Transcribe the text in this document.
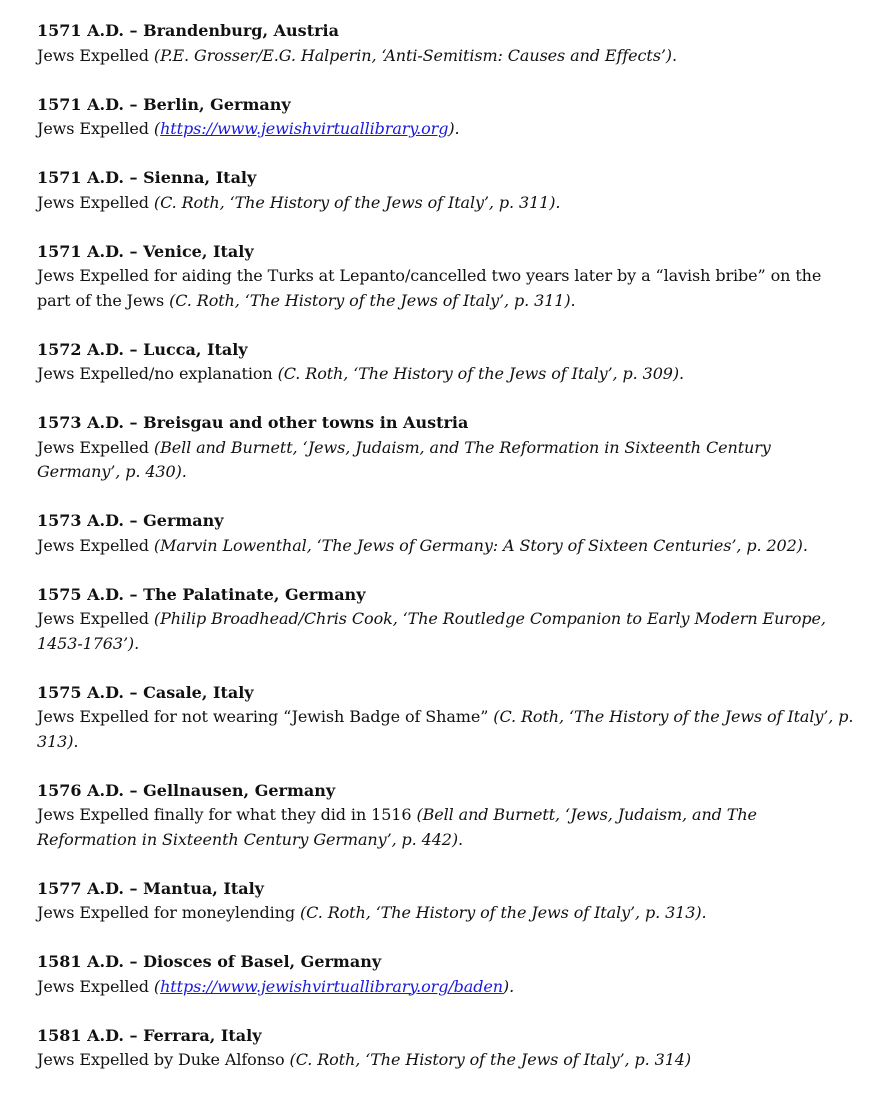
1571 A.D. – Brandenburg, Austria
Jews Expelled (P.E. Grosser/E.G. Halperin, ‘Anti-Semitism: Causes and Effects’).
1571 A.D. – Berlin, Germany
Jews Expelled (https://www.jewishvirtuallibrary.org).
1571 A.D. – Sienna, Italy
Jews Expelled (C. Roth, ‘The History of the Jews of Italy’, p. 311).
1571 A.D. – Venice, Italy
Jews Expelled for aiding the Turks at Lepanto/cancelled two years later by a “lavish bribe” on the part of the Jews (C. Roth, ‘The History of the Jews of Italy’, p. 311).
1572 A.D. – Lucca, Italy
Jews Expelled/no explanation (C. Roth, ‘The History of the Jews of Italy’, p. 309).
1573 A.D. – Breisgau and other towns in Austria
Jews Expelled (Bell and Burnett, ‘Jews, Judaism, and The Reformation in Sixteenth Century Germany’, p. 430).
1573 A.D. – Germany
Jews Expelled (Marvin Lowenthal, ‘The Jews of Germany: A Story of Sixteen Centuries’, p. 202).
1575 A.D. – The Palatinate, Germany
Jews Expelled (Philip Broadhead/Chris Cook, ‘The Routledge Companion to Early Modern Europe, 1453-1763’).
1575 A.D. – Casale, Italy
Jews Expelled for not wearing “Jewish Badge of Shame” (C. Roth, ‘The History of the Jews of Italy’, p. 313).
1576 A.D. – Gellnausen, Germany
Jews Expelled finally for what they did in 1516 (Bell and Burnett, ‘Jews, Judaism, and The Reformation in Sixteenth Century Germany’, p. 442).
1577 A.D. – Mantua, Italy
Jews Expelled for moneylending (C. Roth, ‘The History of the Jews of Italy’, p. 313).
1581 A.D. – Diosces of Basel, Germany
Jews Expelled (https://www.jewishvirtuallibrary.org/baden).
1581 A.D. – Ferrara, Italy
Jews Expelled by Duke Alfonso (C. Roth, ‘The History of the Jews of Italy’, p. 314)
